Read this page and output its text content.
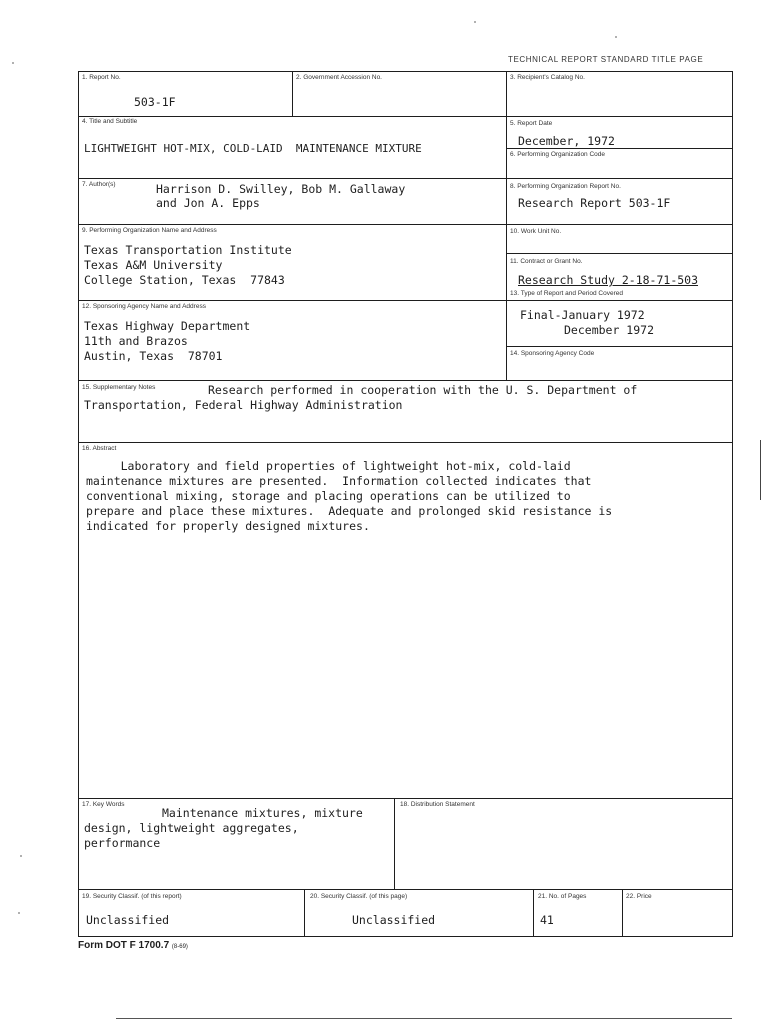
TECHNICAL REPORT STANDARD TITLE PAGE
1. Report No.
503-1F
2. Government Accession No.	3. Recipient's Catalog No.
4. Title and Subtitle
LIGHTWEIGHT HOT-MIX, COLD-LAID  MAINTENANCE MIXTURE
5. Report Date
December, 1972
6. Performing Organization Code
7. Author(s)	Harrison D. Swilley, Bob M. Gallaway
and Jon A. Epps
8. Performing Organization Report No.
Research Report 503-1F
9. Performing Organization Name and Address
Texas Transportation Institute
Texas A&M University
College Station, Texas  77843
10. Work Unit No.
11. Contract or Grant No.
Research Study 2-18-71-503
13. Type of Report and Period Covered
Final-January 1972
December 1972
12. Sponsoring Agency Name and Address
Texas Highway Department
11th and Brazos
Austin, Texas  78701	14. Sponsoring Agency Code
15. Supplementary Notes	Research performed in cooperation with the U. S. Department of
Transportation, Federal Highway Administration
16. Abstract
Laboratory and field properties of lightweight hot-mix, cold-laid
maintenance mixtures are presented.  Information collected indicates that
conventional mixing, storage and placing operations can be utilized to
prepare and place these mixtures.  Adequate and prolonged skid resistance is
indicated for properly designed mixtures.
17. Key Words
Maintenance mixtures, mixture
design, lightweight aggregates,
performance
18. Distribution Statement
19. Security Classif. (of this report)
Unclassified
20. Security Classif. (of this page)
Unclassified
21. No. of Pages
41
22. Price
Form DOT F 1700.7 (8-69)
